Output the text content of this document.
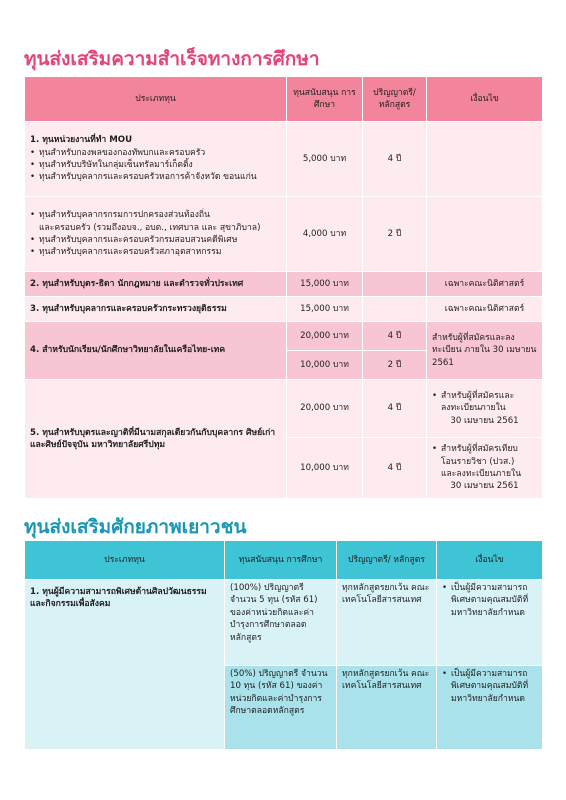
ทุนส่งเสริมความสำเร็จทางการศึกษา
ประเภททุน	ทุนสนับสนุน การศึกษา	ปริญญาตรี/ หลักสูตร	เงื่อนไข

1. ทุนหน่วยงานที่ทำ MOU
• ทุนสำหรับกองพลของกองทัพบกและครอบครัว
• ทุนสำหรับบริษัทในกลุ่มเซ็นทรัลมาร์เก็ตติ้ง
• ทุนสำหรับบุคลากรและครอบครัวหอการค้าจังหวัด ขอนแก่น	5,000 บาท	4 ปี	

• ทุนสำหรับบุคลากรกรมการปกครองส่วนท้องถิ่น
และครอบครัว (รวมถึงอบจ., อบต., เทศบาล และ สุขาภิบาล)
• ทุนสำหรับบุคลากรและครอบครัวกรมสอบสวนคดีพิเศษ
• ทุนสำหรับบุคลากรและครอบครัวสภาอุตสาหกรรม	4,000 บาท	2 ปี	
2. ทุนสำหรับบุตร-ธิดา นักกฎหมาย และตำรวจทั่วประเทศ	15,000 บาท		เฉพาะคณะนิติศาสตร์
3. ทุนสำหรับบุคลากรและครอบครัวกระทรวงยุติธรรม	15,000 บาท		เฉพาะคณะนิติศาสตร์
4. สำหรับนักเรียน/นักศึกษาวิทยาลัยในเครือไทย-เทค	20,000 บาท	4 ปี	สำหรับผู้ที่สมัครและลงทะเบียน ภายใน 30 เมษายน 2561
	10,000 บาท	2 ปี	
5. ทุนสำหรับบุตรและญาติที่มีนามสกุลเดียวกันกับบุคลากร ศิษย์เก่าและศิษย์ปัจจุบัน มหาวิทยาลัยศรีปทุม	20,000 บาท	4 ปี	• สำหรับผู้ที่สมัครและ
ลงทะเบียนภายใน
30 เมษายน 2561

	10,000 บาท	4 ปี	• สำหรับผู้ที่สมัครเทียบ
โอนรายวิชา (ปวส.)
และลงทะเบียนภายใน
30 เมษายน 2561
ทุนส่งเสริมศักยภาพเยาวชน
ประเภททุน	ทุนสนับสนุน การศึกษา	ปริญญาตรี/ หลักสูตร	เงื่อนไข
1. ทุนผู้มีความสามารถพิเศษด้านศิลปวัฒนธรรมและกิจกรรมเพื่อสังคม	(100%) ปริญญาตรี จำนวน 5 ทุน (รหัส 61) ของค่าหน่วยกิตและค่าบำรุงการศึกษาตลอดหลักสูตร	ทุกหลักสูตรยกเว้น คณะเทคโนโลยีสารสนเทศ	• เป็นผู้มีความสามารถพิเศษตามคุณสมบัติที่มหาวิทยาลัยกำหนด

	(50%) ปริญญาตรี จำนวน 10 ทุน (รหัส 61) ของค่าหน่วยกิตและค่าบำรุงการศึกษาตลอดหลักสูตร	ทุกหลักสูตรยกเว้น คณะเทคโนโลยีสารสนเทศ	• เป็นผู้มีความสามารถพิเศษตามคุณสมบัติที่มหาวิทยาลัยกำหนด
